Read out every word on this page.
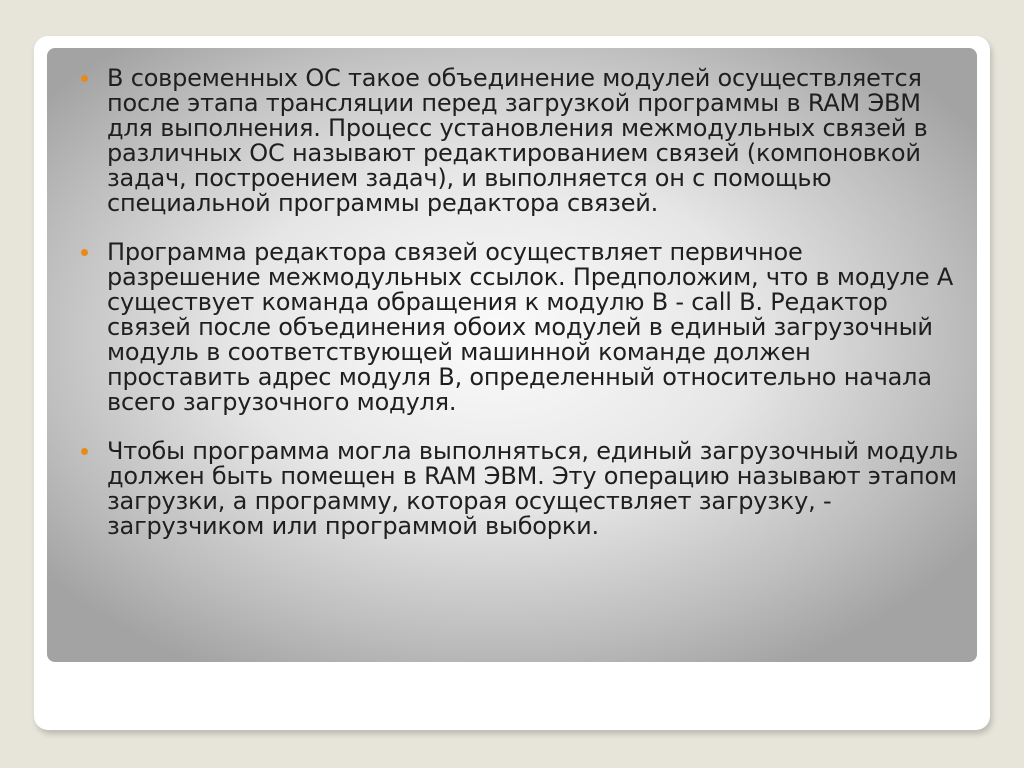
В современных ОС такое объединение модулей осуществляется после этапа трансляции перед загрузкой программы в RAM ЭВМ для выполнения. Процесс установления межмодульных связей в различных ОС называют редактированием связей (компоновкой задач, построением задач), и выполняется он с помощью специальной программы редактора связей.
Программа редактора связей осуществляет первичное разрешение межмодульных ссылок. Предположим, что в модуле А существует команда обращения к модулю В - call B. Редактор связей после объединения обоих модулей в единый загрузочный модуль в соответствующей машинной команде должен проставить адрес модуля В, определенный относительно начала всего загрузочного модуля.
Чтобы программа могла выполняться, единый загрузочный модуль должен быть помещен в RAM ЭВМ. Эту операцию называют этапом загрузки, а программу, которая осуществляет загрузку, - загрузчиком или программой выборки.
